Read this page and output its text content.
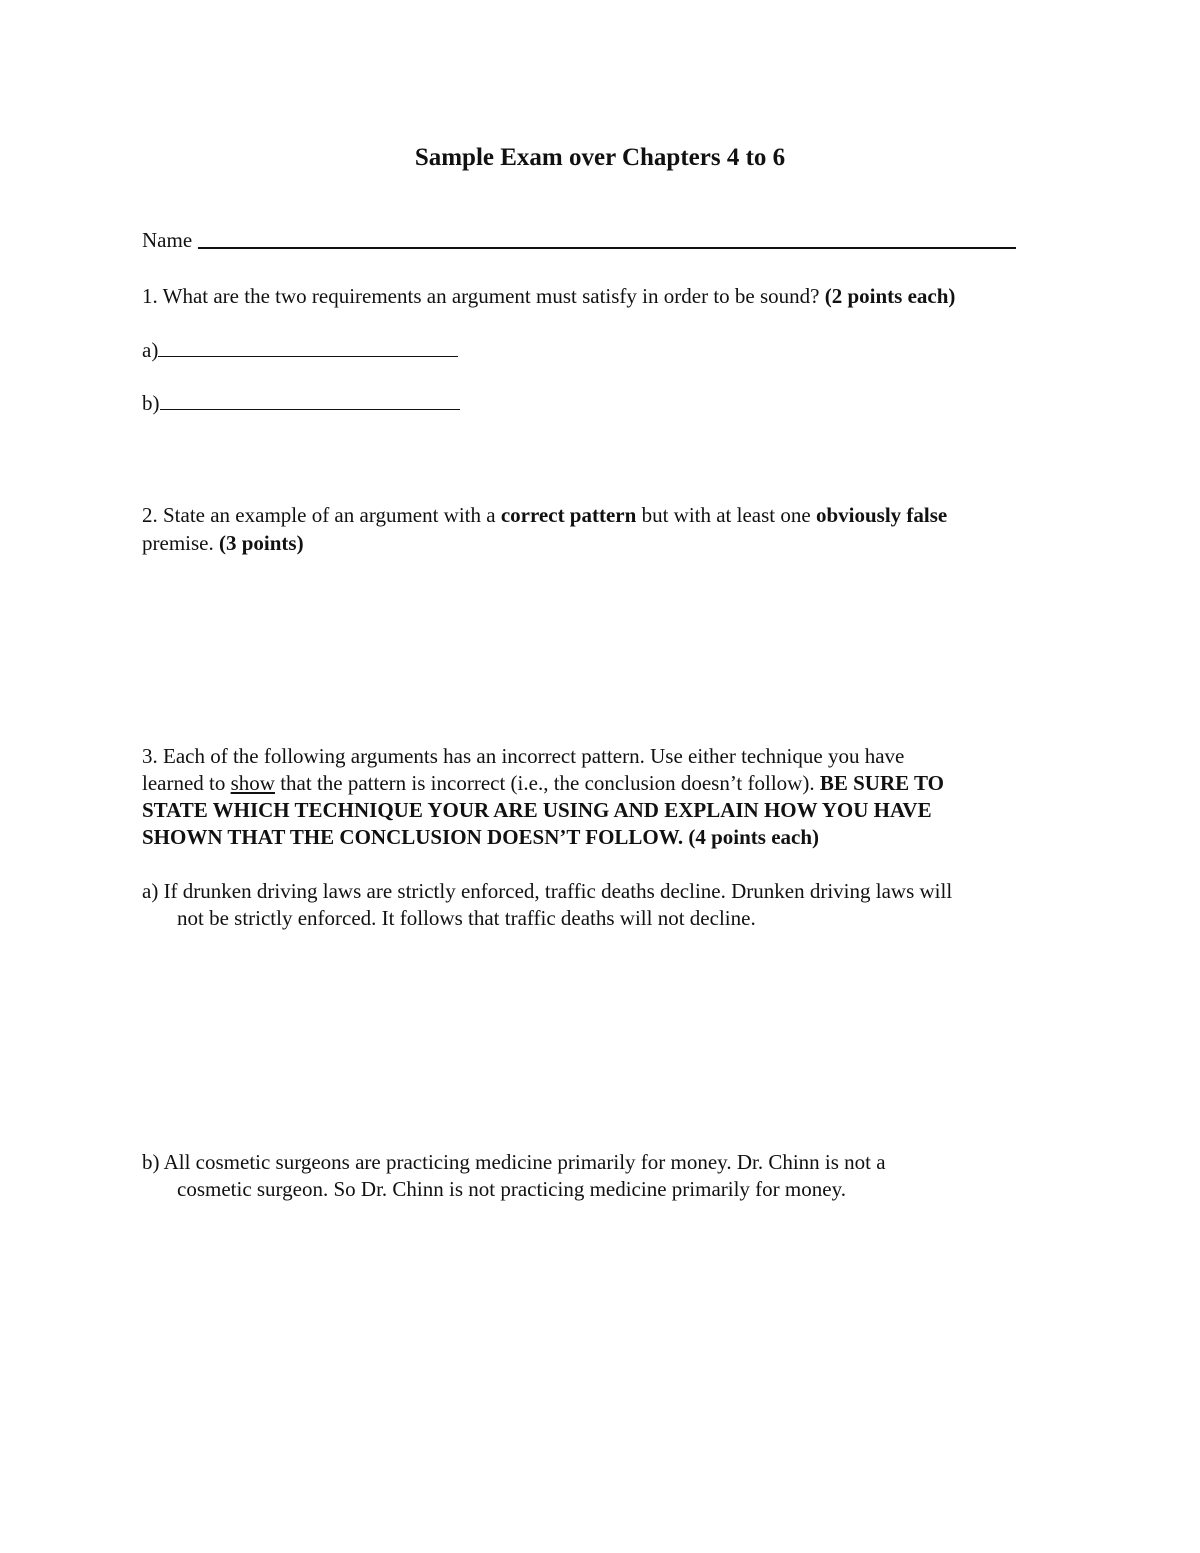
Sample Exam over Chapters 4 to 6
Name
1. What are the two requirements an argument must satisfy in order to be sound? (2 points each)
a)
b)
2. State an example of an argument with a correct pattern but with at least one obviously false
premise. (3 points)
3. Each of the following arguments has an incorrect pattern. Use either technique you have
learned to show that the pattern is incorrect (i.e., the conclusion doesn’t follow). BE SURE TO
STATE WHICH TECHNIQUE YOUR ARE USING AND EXPLAIN HOW YOU HAVE
SHOWN THAT THE CONCLUSION DOESN’T FOLLOW. (4 points each)
a) If drunken driving laws are strictly enforced, traffic deaths decline. Drunken driving laws will
not be strictly enforced. It follows that traffic deaths will not decline.
b) All cosmetic surgeons are practicing medicine primarily for money. Dr. Chinn is not a
cosmetic surgeon. So Dr. Chinn is not practicing medicine primarily for money.
